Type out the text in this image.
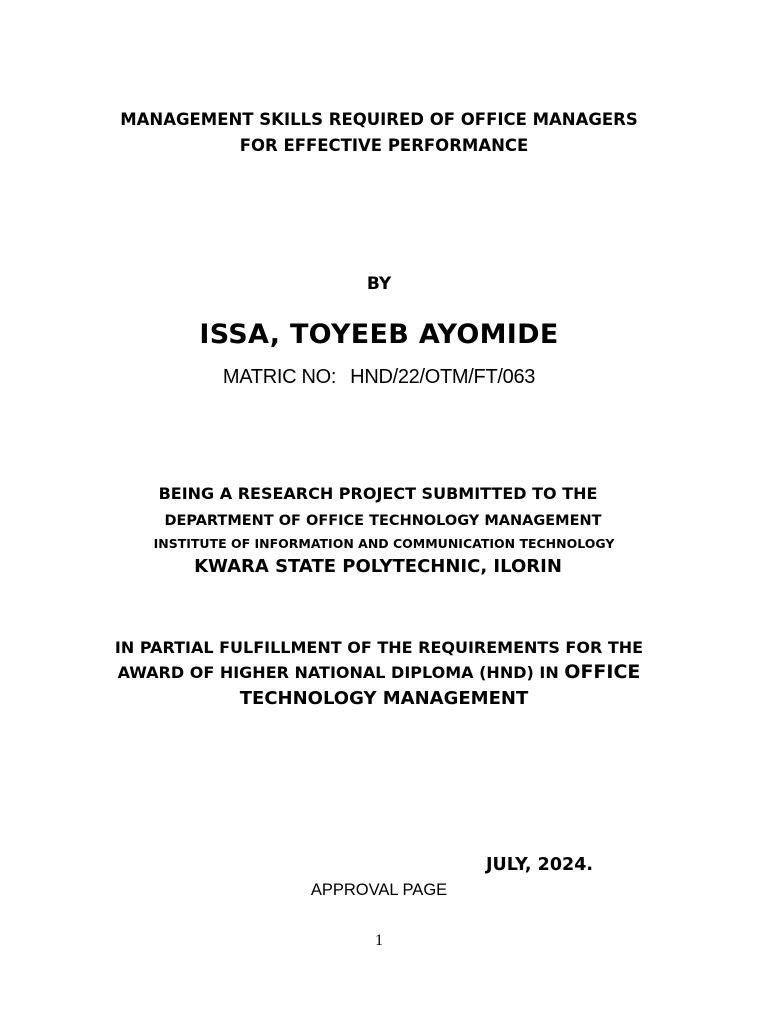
MANAGEMENT SKILLS REQUIRED OF OFFICE MANAGERS
FOR EFFECTIVE PERFORMANCE
BY
ISSA, TOYEEB AYOMIDE
MATRIC NO: HND/22/OTM/FT/063
BEING A RESEARCH PROJECT SUBMITTED TO THE
DEPARTMENT OF OFFICE TECHNOLOGY MANAGEMENT
INSTITUTE OF INFORMATION AND COMMUNICATION TECHNOLOGY
KWARA STATE POLYTECHNIC, ILORIN
IN PARTIAL FULFILLMENT OF THE REQUIREMENTS FOR THE
AWARD OF HIGHER NATIONAL DIPLOMA (HND) IN OFFICE
TECHNOLOGY MANAGEMENT
JULY, 2024.
APPROVAL PAGE
1
